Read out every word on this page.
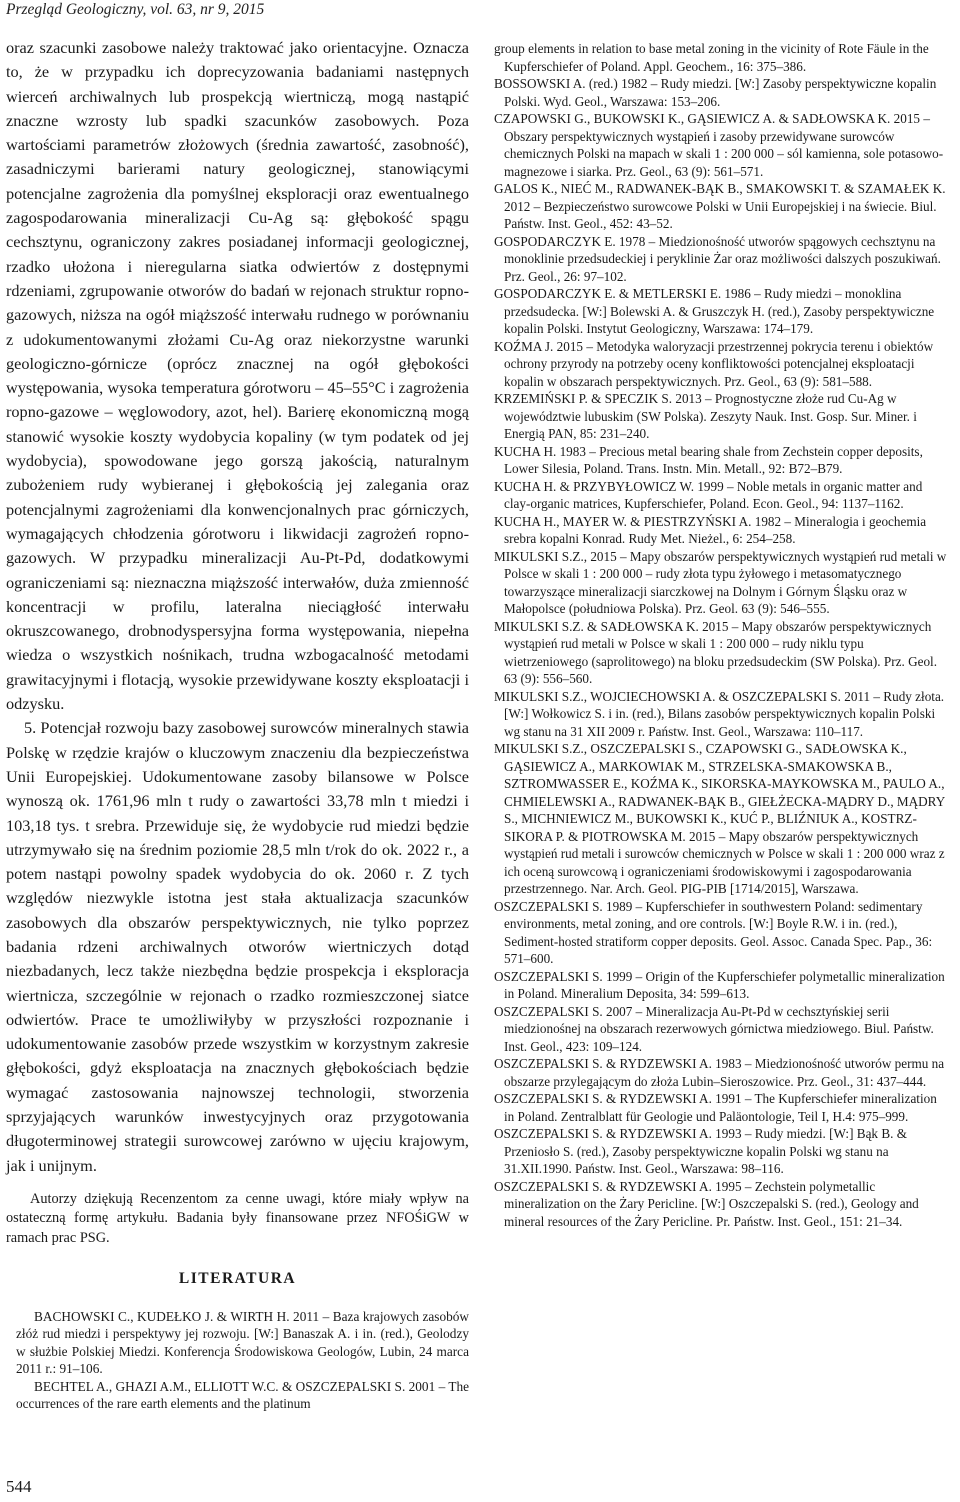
Przegląd Geologiczny, vol. 63, nr 9, 2015

oraz szacunki zasobowe należy traktować jako orientacyjne. Oznacza to, że w przypadku ich doprecyzowania badaniami następnych wierceń archiwalnych lub prospekcją wiertniczą, mogą nastąpić znaczne wzrosty lub spadki szacunków zasobowych. Poza wartościami parametrów złożowych (średnia zawartość, zasobność), zasadniczymi barierami natury geologicznej, stanowiącymi potencjalne zagrożenia dla pomyślnej eksploracji oraz ewentualnego zagospodarowania mineralizacji Cu-Ag są: głębokość spągu cechsztynu, ograniczony zakres posiadanej informacji geologicznej, rzadko ułożona i nieregularna siatka odwiertów z dostępnymi rdzeniami, zgrupowanie otworów do badań w rejonach struktur ropno-gazowych, niższa na ogół miąższość interwału rudnego w porównaniu z udokumentowanymi złożami Cu-Ag oraz niekorzystne warunki geologiczno-górnicze (oprócz znacznej na ogół głębokości występowania, wysoka temperatura górotworu – 45–55°C i zagrożenia ropno-gazowe – węglowodory, azot, hel). Barierę ekonomiczną mogą stanowić wysokie koszty wydobycia kopaliny (w tym podatek od jej wydobycia), spowodowane jego gorszą jakością, naturalnym zubożeniem rudy wybieranej i głębokością jej zalegania oraz potencjalnymi zagrożeniami dla konwencjonalnych prac górniczych, wymagających chłodzenia górotworu i likwidacji zagrożeń ropno-gazowych. W przypadku mineralizacji Au-Pt-Pd, dodatkowymi ograniczeniami są: nieznaczna miąższość interwałów, duża zmienność koncentracji w profilu, lateralna nieciągłość interwału okruszcowanego, drobnodyspersyjna forma występowania, niepełna wiedza o wszystkich nośnikach, trudna wzbogacalność metodami grawitacyjnymi i flotacją, wysokie przewidywane koszty eksploatacji i odzysku.

5. Potencjał rozwoju bazy zasobowej surowców mineralnych stawia Polskę w rzędzie krajów o kluczowym znaczeniu dla bezpieczeństwa Unii Europejskiej. Udokumentowane zasoby bilansowe w Polsce wynoszą ok. 1761,96 mln t rudy o zawartości 33,78 mln t miedzi i 103,18 tys. t srebra. Przewiduje się, że wydobycie rud miedzi będzie utrzymywało się na średnim poziomie 28,5 mln t/rok do ok. 2022 r., a potem nastąpi powolny spadek wydobycia do ok. 2060 r. Z tych względów niezwykle istotna jest stała aktualizacja szacunków zasobowych dla obszarów perspektywicznych, nie tylko poprzez badania rdzeni archiwalnych otworów wiertniczych dotąd niezbadanych, lecz także niezbędna będzie prospekcja i eksploracja wiertnicza, szczególnie w rejonach o rzadko rozmieszczonej siatce odwiertów. Prace te umożliwiłyby w przyszłości rozpoznanie i udokumentowanie zasobów przede wszystkim w korzystnym zakresie głębokości, gdyż eksploatacja na znacznych głębokościach będzie wymagać zastosowania najnowszej technologii, stworzenia sprzyjających warunków inwestycyjnych oraz przygotowania długoterminowej strategii surowcowej zarówno w ujęciu krajowym, jak i unijnym.

Autorzy dziękują Recenzentom za cenne uwagi, które miały wpływ na ostateczną formę artykułu. Badania były finansowane przez NFOŚiGW w ramach prac PSG.

LITERATURA

BACHOWSKI C., KUDEŁKO J. & WIRTH H. 2011 – Baza krajowych zasobów złóż rud miedzi i perspektywy jej rozwoju. [W:] Banaszak A. i in. (red.), Geolodzy w służbie Polskiej Miedzi. Konferencja Środowiskowa Geologów, Lubin, 24 marca 2011 r.: 91–106.

BECHTEL A., GHAZI A.M., ELLIOTT W.C. & OSZCZEPALSKI S. 2001 – The occurrences of the rare earth elements and the platinum

group elements in relation to base metal zoning in the vicinity of Rote Fäule in the Kupferschiefer of Poland. Appl. Geochem., 16: 375–386.

BOSSOWSKI A. (red.) 1982 – Rudy miedzi. [W:] Zasoby perspektywiczne kopalin Polski. Wyd. Geol., Warszawa: 153–206.

CZAPOWSKI G., BUKOWSKI K., GĄSIEWICZ A. & SADŁOWSKA K. 2015 – Obszary perspektywicznych wystąpień i zasoby przewidywane surowców chemicznych Polski na mapach w skali 1 : 200 000 – sól kamienna, sole potasowo-magnezowe i siarka. Prz. Geol., 63 (9): 561–571.

GALOS K., NIEĆ M., RADWANEK-BĄK B., SMAKOWSKI T. & SZAMAŁEK K. 2012 – Bezpieczeństwo surowcowe Polski w Unii Europejskiej i na świecie. Biul. Państw. Inst. Geol., 452: 43–52.

GOSPODARCZYK E. 1978 – Miedzionośność utworów spągowych cechsztynu na monoklinie przedsudeckiej i peryklinie Żar oraz możliwości dalszych poszukiwań. Prz. Geol., 26: 97–102.

GOSPODARCZYK E. & METLERSKI E. 1986 – Rudy miedzi – monoklina przedsudecka. [W:] Bolewski A. & Gruszczyk H. (red.), Zasoby perspektywiczne kopalin Polski. Instytut Geologiczny, Warszawa: 174–179.

KOŹMA J. 2015 – Metodyka waloryzacji przestrzennej pokrycia terenu i obiektów ochrony przyrody na potrzeby oceny konfliktowości potencjalnej eksploatacji kopalin w obszarach perspektywicznych. Prz. Geol., 63 (9): 581–588.

KRZEMIŃSKI P. & SPECZIK S. 2013 – Prognostyczne złoże rud Cu-Ag w województwie lubuskim (SW Polska). Zeszyty Nauk. Inst. Gosp. Sur. Miner. i Energią PAN, 85: 231–240.

KUCHA H. 1983 – Precious metal bearing shale from Zechstein copper deposits, Lower Silesia, Poland. Trans. Instn. Min. Metall., 92: B72–B79.

KUCHA H. & PRZYBYŁOWICZ W. 1999 – Noble metals in organic matter and clay-organic matrices, Kupferschiefer, Poland. Econ. Geol., 94: 1137–1162.

KUCHA H., MAYER W. & PIESTRZYŃSKI A. 1982 – Mineralogia i geochemia srebra kopalni Konrad. Rudy Met. Nieżel., 6: 254–258.

MIKULSKI S.Z., 2015 – Mapy obszarów perspektywicznych wystąpień rud metali w Polsce w skali 1 : 200 000 – rudy złota typu żyłowego i metasomatycznego towarzyszące mineralizacji siarczkowej na Dolnym i Górnym Śląsku oraz w Małopolsce (południowa Polska). Prz. Geol. 63 (9): 546–555.

MIKULSKI S.Z. & SADŁOWSKA K. 2015 – Mapy obszarów perspektywicznych wystąpień rud metali w Polsce w skali 1 : 200 000 – rudy niklu typu wietrzeniowego (saprolitowego) na bloku przedsudeckim (SW Polska). Prz. Geol. 63 (9): 556–560.

MIKULSKI S.Z., WOJCIECHOWSKI A. & OSZCZEPALSKI S. 2011 – Rudy złota. [W:] Wołkowicz S. i in. (red.), Bilans zasobów perspektywicznych kopalin Polski wg stanu na 31 XII 2009 r. Państw. Inst. Geol., Warszawa: 110–117.

MIKULSKI S.Z., OSZCZEPALSKI S., CZAPOWSKI G., SADŁOWSKA K., GĄSIEWICZ A., MARKOWIAK M., STRZELSKA-SMAKOWSKA B., SZTROMWASSER E., KOŹMA K., SIKORSKA-MAYKOWSKA M., PAULO A., CHMIELEWSKI A., RADWANEK-BĄK B., GIEŁŻECKA-MĄDRY D., MĄDRY S., MICHNIEWICZ M., BUKOWSKI K., KUĆ P., BLIŹNIUK A., KOSTRZ-SIKORA P. & PIOTROWSKA M. 2015 – Mapy obszarów perspektywicznych wystąpień rud metali i surowców chemicznych w Polsce w skali 1 : 200 000 wraz z ich oceną surowcową i ograniczeniami środowiskowymi i zagospodarowania przestrzennego. Nar. Arch. Geol. PIG-PIB [1714/2015], Warszawa.

OSZCZEPALSKI S. 1989 – Kupferschiefer in southwestern Poland: sedimentary environments, metal zoning, and ore controls. [W:] Boyle R.W. i in. (red.), Sediment-hosted stratiform copper deposits. Geol. Assoc. Canada Spec. Pap., 36: 571–600.

OSZCZEPALSKI S. 1999 – Origin of the Kupferschiefer polymetallic mineralization in Poland. Mineralium Deposita, 34: 599–613.

OSZCZEPALSKI S. 2007 – Mineralizacja Au-Pt-Pd w cechsztyńskiej serii miedzionośnej na obszarach rezerwowych górnictwa miedziowego. Biul. Państw. Inst. Geol., 423: 109–124.

OSZCZEPALSKI S. & RYDZEWSKI A. 1983 – Miedzionośność utworów permu na obszarze przylegającym do złoża Lubin–Sieroszowice. Prz. Geol., 31: 437–444.

OSZCZEPALSKI S. & RYDZEWSKI A. 1991 – The Kupferschiefer mineralization in Poland. Zentralblatt für Geologie und Paläontologie, Teil I, H.4: 975–999.

OSZCZEPALSKI S. & RYDZEWSKI A. 1993 – Rudy miedzi. [W:] Bąk B. & Przeniosło S. (red.), Zasoby perspektywiczne kopalin Polski wg stanu na 31.XII.1990. Państw. Inst. Geol., Warszawa: 98–116.

OSZCZEPALSKI S. & RYDZEWSKI A. 1995 – Zechstein polymetallic mineralization on the Żary Pericline. [W:] Oszczepalski S. (red.), Geology and mineral resources of the Żary Pericline. Pr. Państw. Inst. Geol., 151: 21–34.

544
